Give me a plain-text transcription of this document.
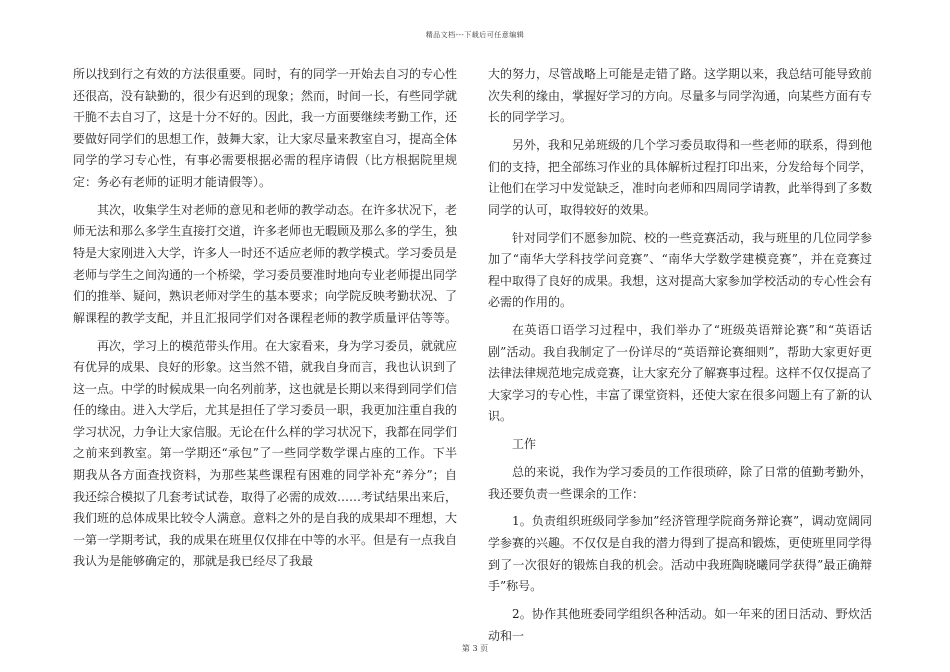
精品文档---下载后可任意编辑

所以找到行之有效的方法很重要。同时，有的同学一开始去自习的专心性还很高，没有缺勤的，很少有迟到的现象；然而，时间一长，有些同学就干脆不去自习了，这是十分不好的。因此，我一方面要继续考勤工作，还要做好同学们的思想工作，鼓舞大家，让大家尽量来教室自习，提高全体同学的学习专心性，有事必需要根据必需的程序请假（比方根据院里规定：务必有老师的证明才能请假等）。

其次，收集学生对老师的意见和老师的教学动态。在许多状况下，老师无法和那么多学生直接打交道，许多老师也无暇顾及那么多的学生，独特是大家刚进入大学，许多人一时还不适应老师的教学模式。学习委员是老师与学生之间沟通的一个桥梁，学习委员要准时地向专业老师提出同学们的推举、疑问，熟识老师对学生的基本要求；向学院反映考勤状况、了解课程的教学支配，并且汇报同学们对各课程老师的教学质量评估等等。

再次，学习上的模范带头作用。在大家看来，身为学习委员，就就应有优异的成果、良好的形象。这当然不错，就我自身而言，我也认识到了这一点。中学的时候成果一向名列前茅，这也就是长期以来得到同学们信任的缘由。进入大学后，尤其是担任了学习委员一职，我更加注重自我的学习状况，力争让大家信服。无论在什么样的学习状况下，我都在同学们之前来到教室。第一学期还“承包”了一些同学数学课占座的工作。下半期我从各方面查找资料，为那些某些课程有困难的同学补充“养分”；自我还综合模拟了几套考试试卷，取得了必需的成效……考试结果出来后，我们班的总体成果比较令人满意。意料之外的是自我的成果却不理想，大一第一学期考试，我的成果在班里仅仅排在中等的水平。但是有一点我自我认为是能够确定的，那就是我已经尽了我最

大的努力，尽管战略上可能是走错了路。这学期以来，我总结可能导致前次失利的缘由，掌握好学习的方向。尽量多与同学沟通，向某些方面有专长的同学学习。

另外，我和兄弟班级的几个学习委员取得和一些老师的联系，得到他们的支持，把全部练习作业的具体解析过程打印出来，分发给每个同学，让他们在学习中发觉缺乏，准时向老师和四周同学请教，此举得到了多数同学的认可，取得较好的效果。

针对同学们不愿参加院、校的一些竞赛活动，我与班里的几位同学参加了“南华大学科技学问竞赛”、“南华大学数学建模竞赛”，并在竞赛过程中取得了良好的成果。我想，这对提高大家参加学校活动的专心性会有必需的作用的。

在英语口语学习过程中，我们举办了“班级英语辩论赛”和“英语话剧”活动。我自我制定了一份详尽的“英语辩论赛细则”，帮助大家更好更法律法律规范地完成竞赛，让大家充分了解赛事过程。这样不仅仅提高了大家学习的专心性，丰富了课堂资料，还使大家在很多问题上有了新的认识。

工作

总的来说，我作为学习委员的工作很琐碎，除了日常的值勤考勤外，我还要负责一些课余的工作：

1。负责组织班级同学参加”经济管理学院商务辩论赛”，调动宽阔同学参赛的兴趣。不仅仅是自我的潜力得到了提高和锻炼，更使班里同学得到了一次很好的锻炼自我的机会。活动中我班陶晓曦同学获得”最正确辩手”称号。

2。协作其他班委同学组织各种活动。如一年来的团日活动、野炊活动和一

第 3 页
